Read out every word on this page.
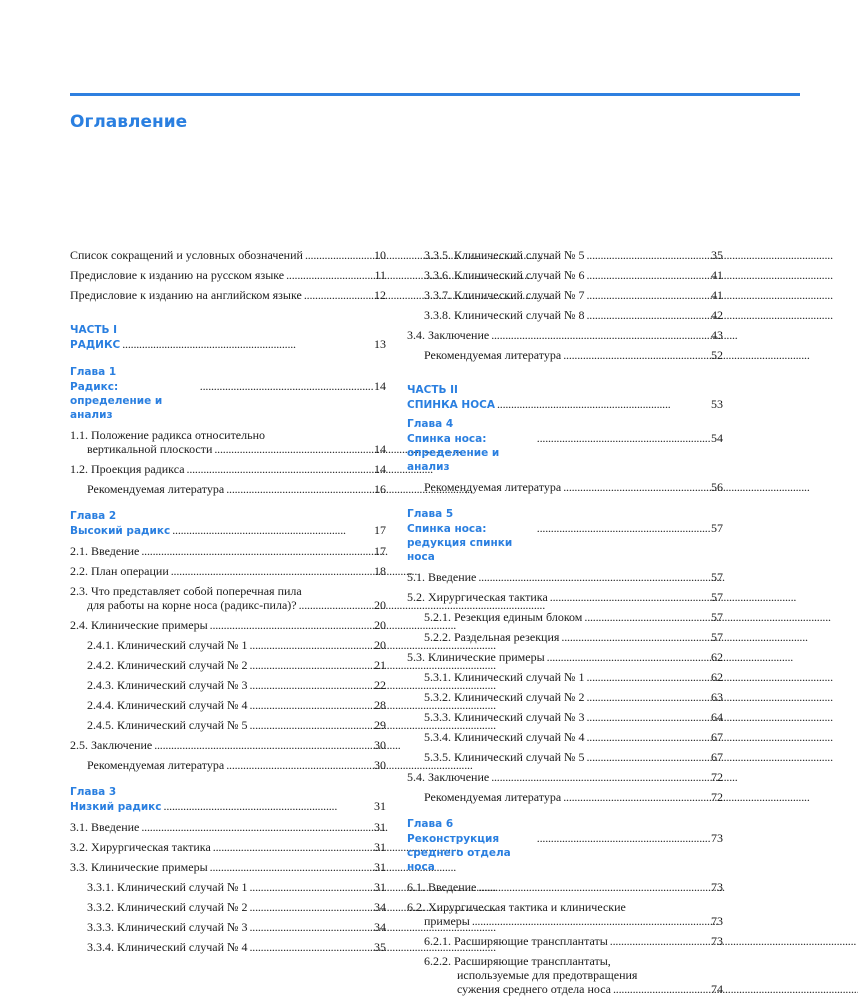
Оглавление
Список сокращений и условных обозначений . . .	10
Предисловие к изданию на русском языке . . .	11
Предисловие к изданию на английском языке . . .	12
ЧАСТЬ I
РАДИКС . . . . . . . . . . . . . . . . . . . . . . . . . . . . . . . . . . . . . . . . . . . . . . . . . . . . . . . . . . . . . .	13
Глава 1
Радикс: определение и анализ
. . . . . . . . . . . . . . . . . . . . . . . . . . . . . . . . . . . . . . . . . . . . . . . . . . . . . . . . . . . . . . 14
1.1. Положение радикса относительно
вертикальной плоскости . . .	14
1.2. Проекция радикса . . .	14
Рекомендуемая литература . . .	16
Глава 2
Высокий радикс . . . . . . . . . . . . . . . . . . . . . . . . . . . . . . . . . . . . . . . . . . . . . . . . . . . . . . . . . . . . . .	17
2.1. Введение . . .	17
2.2. План операции . . .	18
2.3. Что представляет собой поперечная пила
для работы на корне носа (радикс-пила)? . . .	20
2.4. Клинические примеры . . .	20
2.4.1. Клинический случай № 1 . . .	20
2.4.2. Клинический случай № 2 . . .	21
2.4.3. Клинический случай № 3 . . .	22
2.4.4. Клинический случай № 4 . . .	28
2.4.5. Клинический случай № 5 . . .	29
2.5. Заключение . . .	30
Рекомендуемая литература . . .	30
Глава 3
Низкий радикс . . . . . . . . . . . . . . . . . . . . . . . . . . . . . . . . . . . . . . . . . . . . . . . . . . . . . . . . . . . . . .	31
3.1. Введение . . .	31
3.2. Хирургическая тактика . . .	31
3.3. Клинические примеры . . .	31
3.3.1. Клинический случай № 1 . . .	31
3.3.2. Клинический случай № 2 . . .	34
3.3.3. Клинический случай № 3 . . .	34
3.3.4. Клинический случай № 4 . . .	35
3.3.5. Клинический случай № 5 . . .	35
3.3.6. Клинический случай № 6 . . .	41
3.3.7. Клинический случай № 7 . . .	41
3.3.8. Клинический случай № 8 . . .	42
3.4. Заключение . . .	43
Рекомендуемая литература . . .	52
ЧАСТЬ II
СПИНКА НОСА . . . . . . . . . . . . . . . . . . . . . . . . . . . . . . . . . . . . . . . . . . . . . . . . . . . . . . . . . . . . . .	53
Глава 4
Спинка носа: определение и анализ
. . . . . . . . . . . . . . . . . . . . . . . . . . . . . . . . . . . . . . . . . . . . . . . . . . . . . . . . . . . . . . 54
Рекомендуемая литература . . .	56
Глава 5
Спинка носа: редукция спинки носа
. . . . . . . . . . . . . . . . . . . . . . . . . . . . . . . . . . . . . . . . . . . . . . . . . . . . . . . . . . . . . . 57
5.1. Введение . . .	57
5.2. Хирургическая тактика . . .	57
5.2.1. Резекция единым блоком . . .	57
5.2.2. Раздельная резекция . . .	57
5.3. Клинические примеры . . .	62
5.3.1. Клинический случай № 1 . . .	62
5.3.2. Клинический случай № 2 . . .	63
5.3.3. Клинический случай № 3 . . .	64
5.3.4. Клинический случай № 4 . . .	67
5.3.5. Клинический случай № 5 . . .	67
5.4. Заключение . . .	72
Рекомендуемая литература . . .	72
Глава 6
Реконструкция среднего отдела носа
. . . . . . . . . . . . . . . . . . . . . . . . . . . . . . . . . . . . . . . . . . . . . . . . . . . . . . . . . . . . . . 73
6.1. Введение . . .	73
6.2. Хирургическая тактика и клинические
примеры . . .	73
6.2.1. Расширяющие трансплантаты . . .	73
6.2.2. Расширяющие трансплантаты,
используемые для предотвращения
сужения среднего отдела носа . . .	74
